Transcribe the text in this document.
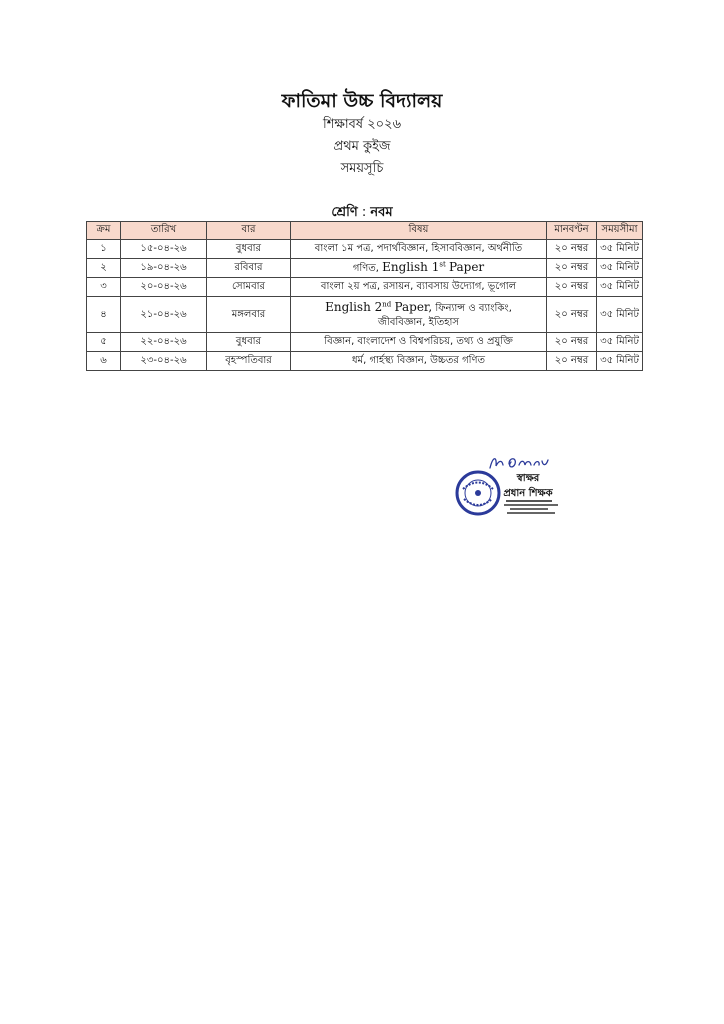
ফাতিমা উচ্চ বিদ্যালয়
শিক্ষাবর্ষ ২০২৬
প্রথম কুইজ
সময়সূচি
শ্রেণি : নবম
ক্রম	তারিখ	বার	বিষয়	মানবণ্টন	সময়সীমা
১	১৫-০৪-২৬	বুধবার	বাংলা ১ম পত্র, পদার্থবিজ্ঞান, হিসাববিজ্ঞান, অর্থনীতি	২০ নম্বর	৩৫ মিনিট
২	১৯-০৪-২৬	রবিবার	গণিত, English 1st Paper	২০ নম্বর	৩৫ মিনিট
৩	২০-০৪-২৬	সোমবার	বাংলা ২য় পত্র, রসায়ন, ব্যাবসায় উদ্যোগ, ভূগোল	২০ নম্বর	৩৫ মিনিট
৪	২১-০৪-২৬	মঙ্গলবার	English 2nd Paper, ফিন্যান্স ও ব্যাংকিং,
জীববিজ্ঞান, ইতিহাস	২০ নম্বর	৩৫ মিনিট
৫	২২-০৪-২৬	বুধবার	বিজ্ঞান, বাংলাদেশ ও বিশ্বপরিচয়, তথ্য ও প্রযুক্তি	২০ নম্বর	৩৫ মিনিট
৬	২৩-০৪-২৬	বৃহস্পতিবার	ধর্ম, গার্হস্থ্য বিজ্ঞান, উচ্চতর গণিত	২০ নম্বর	৩৫ মিনিট
স্বাক্ষর
প্রধান শিক্ষক
